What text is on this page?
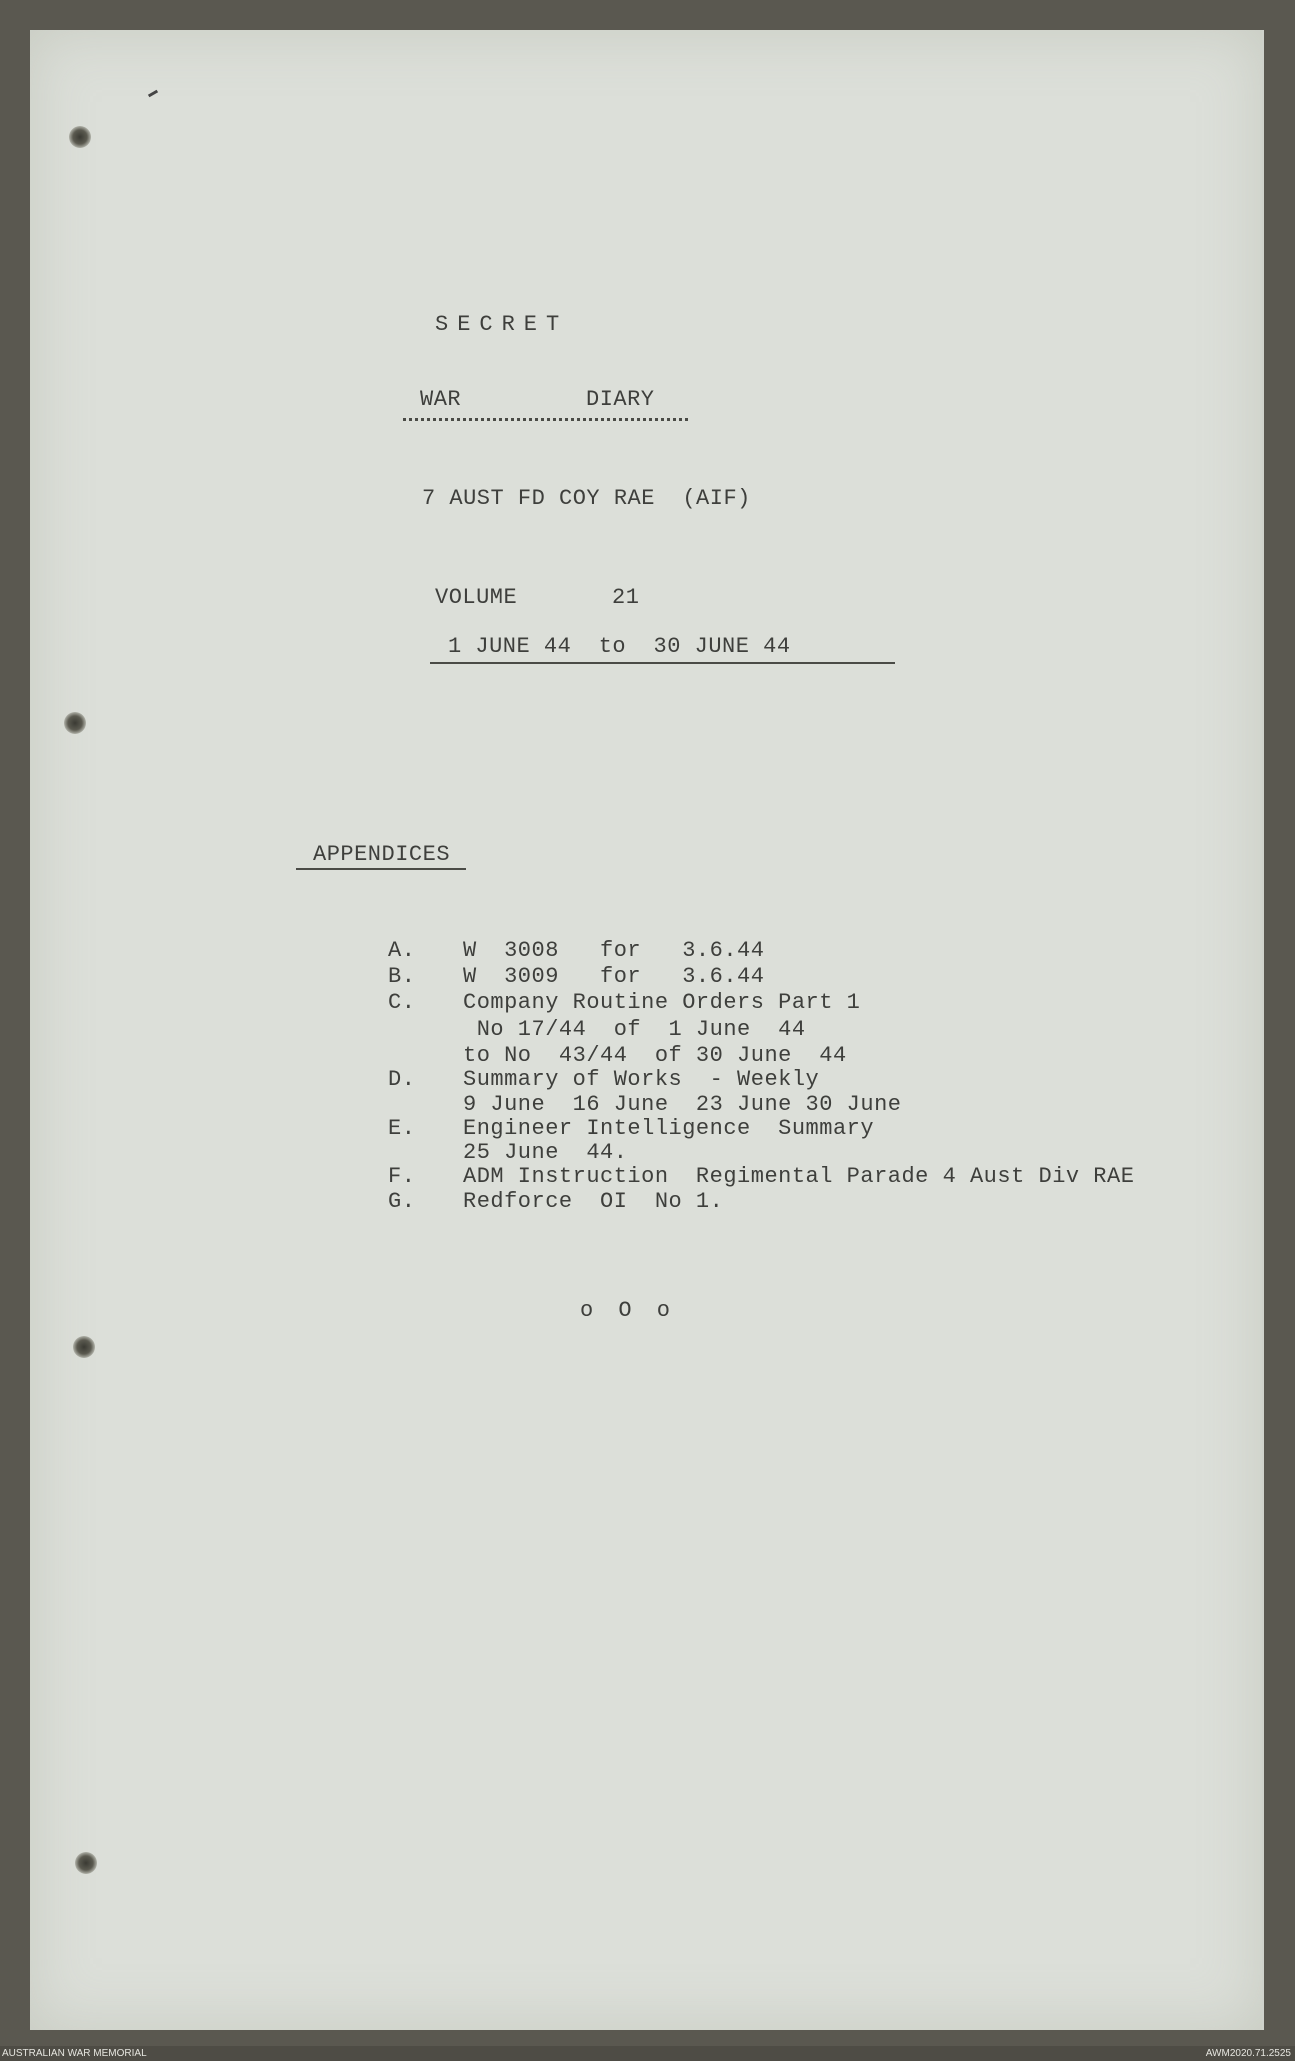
SECRET
WAR	DIARY
7 AUST FD COY RAE  (AIF)
VOLUME	21
1 JUNE 44  to  30 JUNE 44
APPENDICES
A. W  3008   for   3.6.44
B. W  3009   for   3.6.44
C. Company Routine Orders Part 1
No 17/44  of  1 June  44
to No  43/44  of 30 June  44
D. Summary of Works  - Weekly
9 June  16 June  23 June 30 June
E. Engineer Intelligence  Summary
25 June  44.
F. ADM Instruction  Regimental Parade 4 Aust Div RAE
G. Redforce  OI  No 1.
o O o
AUSTRALIAN WAR MEMORIAL	AWM2020.71.2525
